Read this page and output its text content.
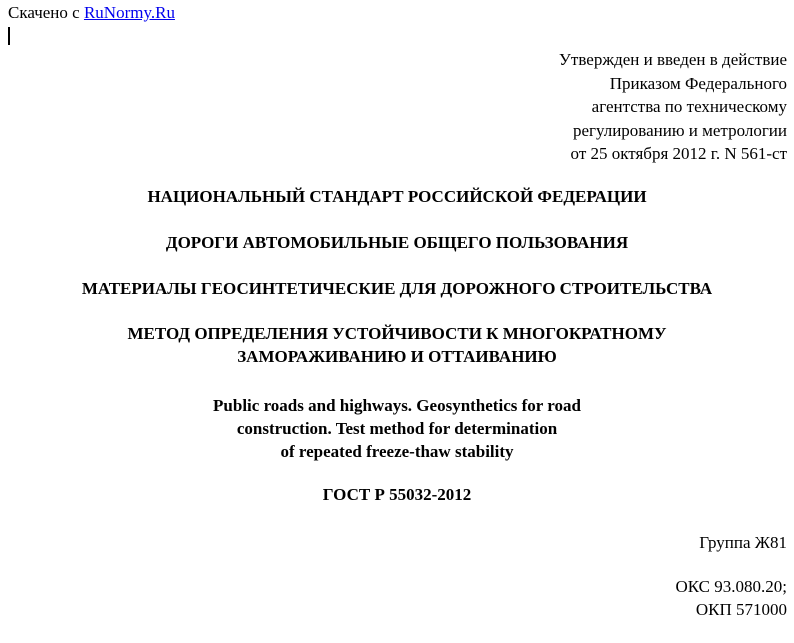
Скачено с RuNormy.Ru
Утвержден и введен в действие
Приказом Федерального
агентства по техническому
регулированию и метрологии
от 25 октября 2012 г. N 561-ст
НАЦИОНАЛЬНЫЙ СТАНДАРТ РОССИЙСКОЙ ФЕДЕРАЦИИ
ДОРОГИ АВТОМОБИЛЬНЫЕ ОБЩЕГО ПОЛЬЗОВАНИЯ
МАТЕРИАЛЫ ГЕОСИНТЕТИЧЕСКИЕ ДЛЯ ДОРОЖНОГО СТРОИТЕЛЬСТВА
МЕТОД ОПРЕДЕЛЕНИЯ УСТОЙЧИВОСТИ К МНОГОКРАТНОМУ
ЗАМОРАЖИВАНИЮ И ОТТАИВАНИЮ
Public roads and highways. Geosynthetics for road
construction. Test method for determination
of repeated freeze-thaw stability
ГОСТ Р 55032-2012
Группа Ж81
ОКС 93.080.20;
ОКП 571000
